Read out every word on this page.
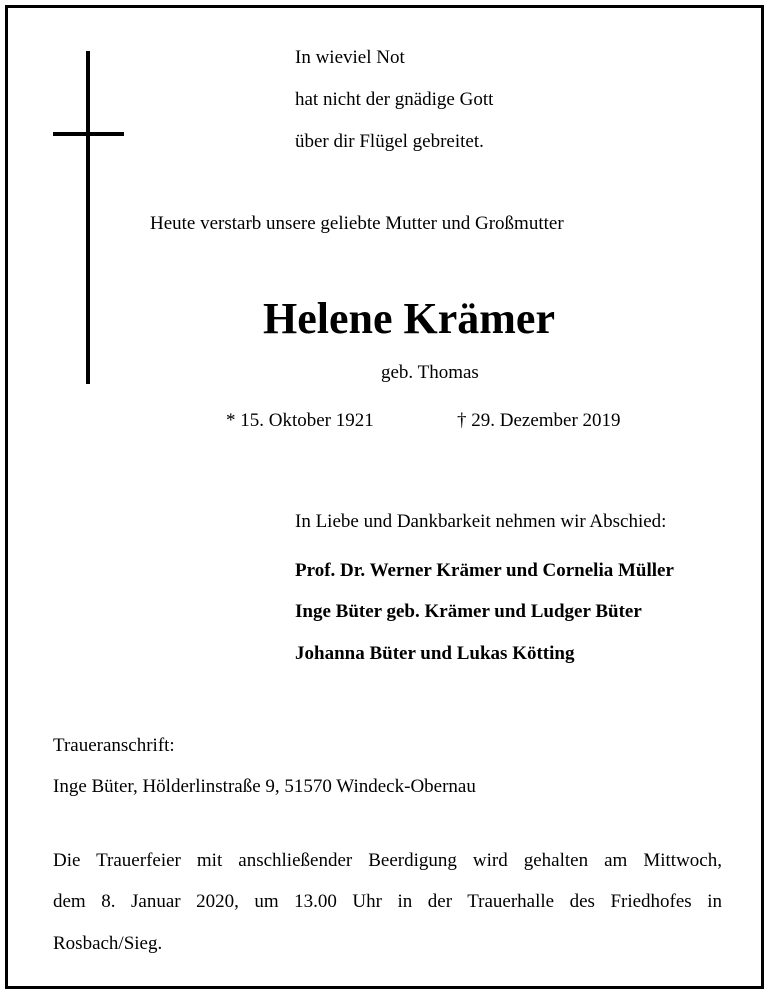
In wieviel Not
hat nicht der gnädige Gott
über dir Flügel gebreitet.
Heute verstarb unsere geliebte Mutter und Großmutter
Helene Krämer
geb. Thomas
* 15. Oktober 1921	† 29. Dezember 2019
In Liebe und Dankbarkeit nehmen wir Abschied:
Prof. Dr. Werner Krämer und Cornelia Müller
Inge Büter geb. Krämer und Ludger Büter
Johanna Büter und Lukas Kötting
Traueranschrift:
Inge Büter, Hölderlinstraße 9, 51570 Windeck-Obernau
Die Trauerfeier mit anschließender Beerdigung wird gehalten am Mittwoch,
dem 8. Januar 2020, um 13.00 Uhr in der Trauerhalle des Friedhofes in
Rosbach/Sieg.
